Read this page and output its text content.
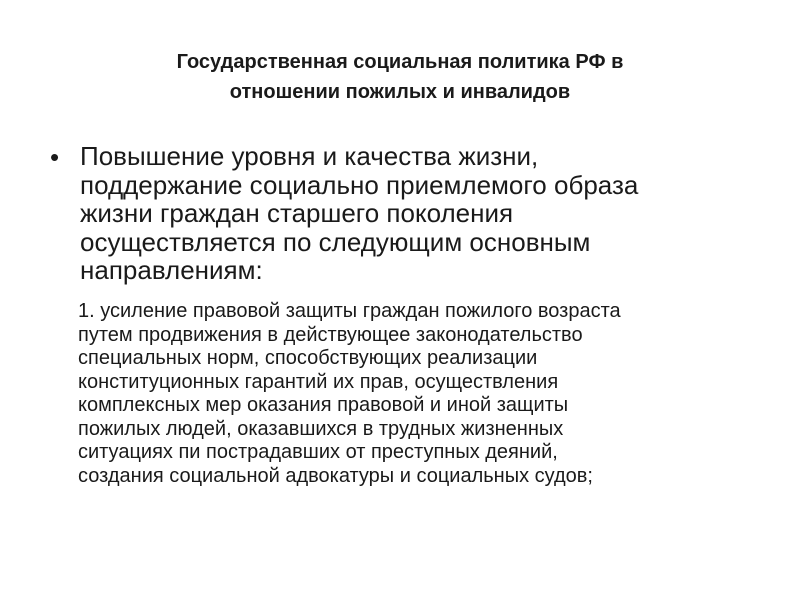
Государственная социальная политика РФ в
отношении пожилых и инвалидов
• Повышение уровня и качества жизни,
поддержание социально приемлемого образа
жизни граждан старшего поколения
осуществляется по следующим основным
направлениям:
1. усиление правовой защиты граждан пожилого возраста
путем продвижения в действующее законодательство
специальных норм, способствующих реализации
конституционных гарантий их прав, осуществления
комплексных мер оказания правовой и иной защиты
пожилых людей, оказавшихся в трудных жизненных
ситуациях пи пострадавших от преступных деяний,
создания социальной адвокатуры и социальных судов;
